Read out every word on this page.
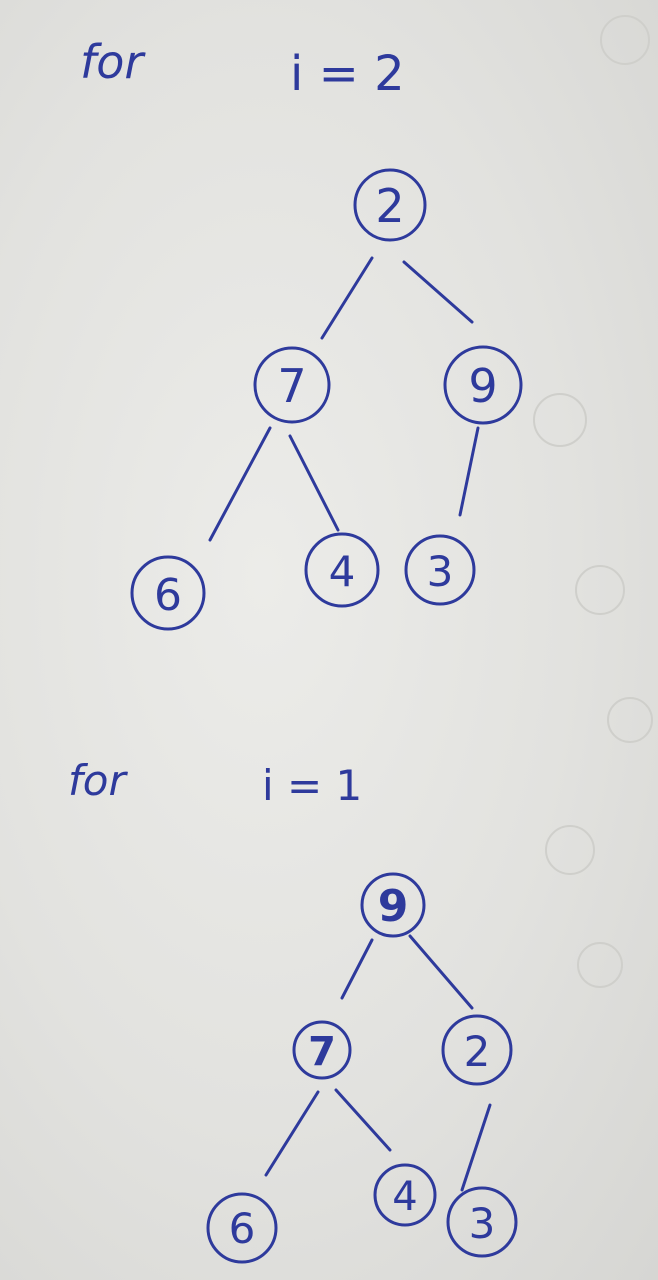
for	i = 2
2
7	9
6	4 3
for	i = 1
9
7	2
6
4
3
